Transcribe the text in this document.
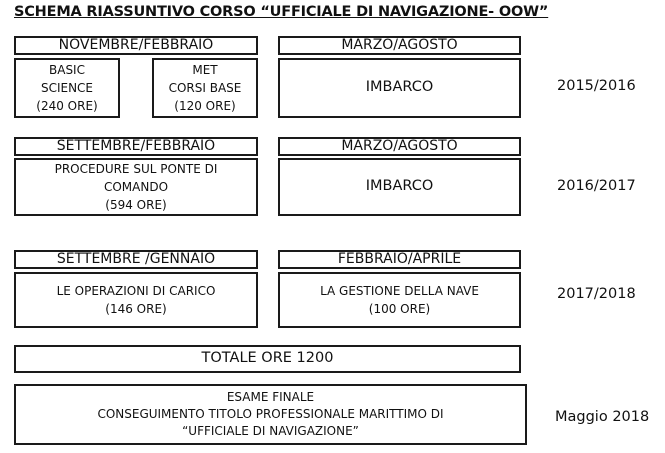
SCHEMA RIASSUNTIVO CORSO “UFFICIALE DI NAVIGAZIONE- OOW”
NOVEMBRE/FEBBRAIO	MARZO/AGOSTO
BASIC
SCIENCE
(240 ORE)
MET
CORSI BASE
(120 ORE)
IMBARCO	2015/2016
SETTEMBRE/FEBBRAIO	MARZO/AGOSTO
PROCEDURE SUL PONTE DI
COMANDO
(594 ORE)
IMBARCO	2016/2017
SETTEMBRE /GENNAIO	FEBBRAIO/APRILE
LE OPERAZIONI DI CARICO
(146 ORE)
LA GESTIONE DELLA NAVE
(100 ORE)
2017/2018
TOTALE ORE 1200
ESAME FINALE
CONSEGUIMENTO TITOLO PROFESSIONALE MARITTIMO DI
“UFFICIALE DI NAVIGAZIONE”
Maggio 2018
